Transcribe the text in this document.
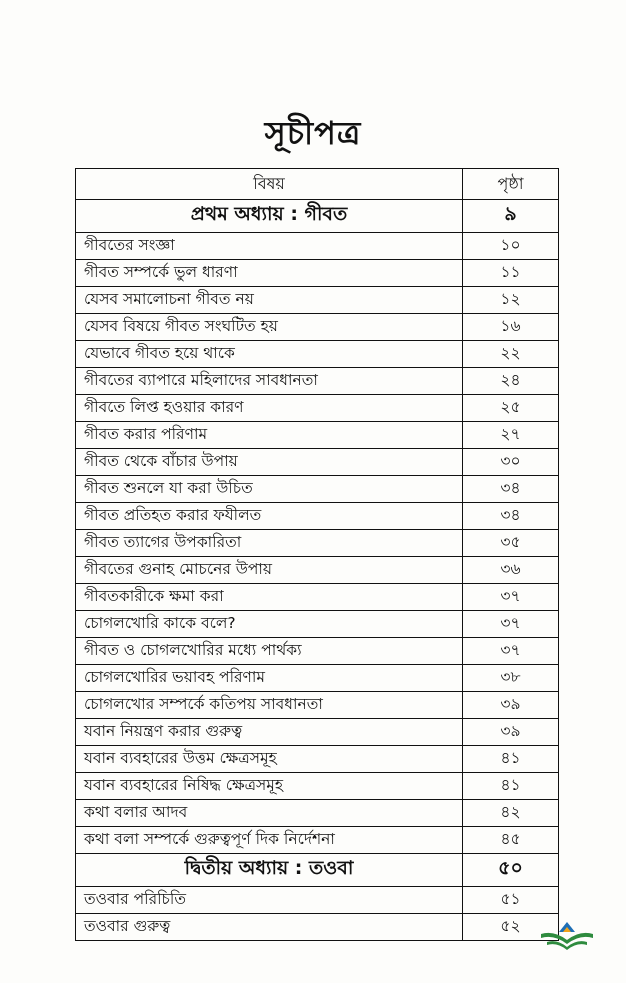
সূচীপত্র
বিষয়	পৃষ্ঠা
প্রথম অধ্যায় : গীবত	৯
গীবতের সংজ্ঞা	১০
গীবত সম্পর্কে ভুল ধারণা	১১
যেসব সমালোচনা গীবত নয়	১২
যেসব বিষয়ে গীবত সংঘটিত হয়	১৬
যেভাবে গীবত হয়ে থাকে	২২
গীবতের ব্যাপারে মহিলাদের সাবধানতা	২৪
গীবতে লিপ্ত হওয়ার কারণ	২৫
গীবত করার পরিণাম	২৭
গীবত থেকে বাঁচার উপায়	৩০
গীবত শুনলে যা করা উচিত	৩৪
গীবত প্রতিহত করার ফযীলত	৩৪
গীবত ত্যাগের উপকারিতা	৩৫
গীবতের গুনাহ মোচনের উপায়	৩৬
গীবতকারীকে ক্ষমা করা	৩৭
চোগলখোরি কাকে বলে?	৩৭
গীবত ও চোগলখোরির মধ্যে পার্থক্য	৩৭
চোগলখোরির ভয়াবহ পরিণাম	৩৮
চোগলখোর সম্পর্কে কতিপয় সাবধানতা	৩৯
যবান নিয়ন্ত্রণ করার গুরুত্ব	৩৯
যবান ব্যবহারের উত্তম ক্ষেত্রসমূহ	৪১
যবান ব্যবহারের নিষিদ্ধ ক্ষেত্রসমূহ	৪১
কথা বলার আদব	৪২
কথা বলা সম্পর্কে গুরুত্বপূর্ণ দিক নির্দেশনা	৪৫
দ্বিতীয় অধ্যায় : তওবা	৫০
তওবার পরিচিতি	৫১
তওবার গুরুত্ব	৫২
